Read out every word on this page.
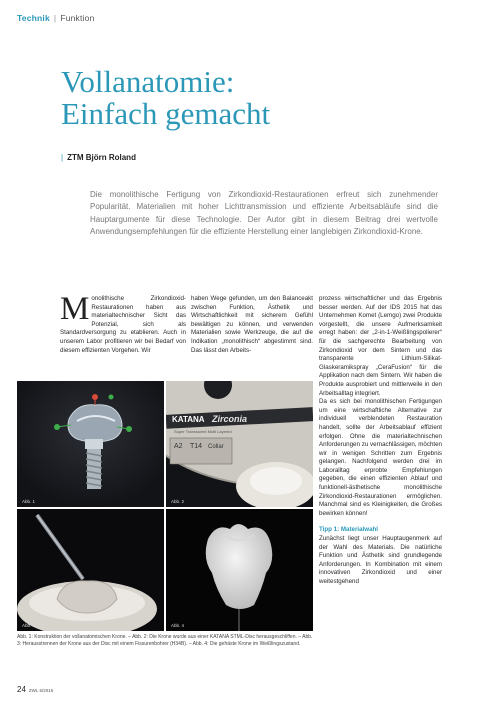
Technik | Funktion
Vollanatomie:
Einfach gemacht
| ZTM Björn Roland

Die monolithische Fertigung von Zirkondioxid-Restaurationen erfreut sich zunehmender Popularität. Materialien mit hoher Lichttransmission und effiziente Arbeitsabläufe sind die Hauptargumente für diese Technologie. Der Autor gibt in diesem Beitrag drei wertvolle Anwendungsempfehlungen für die effiziente Herstellung einer langlebigen Zirkondioxid-Krone.

Monolithische Zirkondioxid-Restaurationen haben aus materialtechnischer Sicht das Potenzial, sich als Standardversorgung zu etablieren. Auch in unserem Labor profitieren wir bei Bedarf von diesem effizienten Vorgehen. Wir

haben Wege gefunden, um den Balanceakt zwischen Funktion, Ästhetik und Wirtschaftlichkeit mit sicherem Gefühl bewältigen zu können, und verwenden Materialien sowie Werkzeuge, die auf die Indikation „monolithisch“ abgestimmt sind. Das lässt den Arbeits-

prozess wirtschaftlicher und das Ergebnis besser werden. Auf der IDS 2015 hat das Unternehmen Komet (Lemgo) zwei Produkte vorgestellt, die unsere Aufmerksamkeit erregt haben: der „2-in-1-Weißlingspolierer“ für die sachgerechte Bearbeitung von Zirkondioxid vor dem Sintern und das transparente Lithium-Silikat-Glaskeramikspray „CeraFusion“ für die Applikation nach dem Sintern. Wir haben die Produkte ausprobiert und mittlerweile in den Arbeitsalltag integriert.
Da es sich bei monolithischen Fertigungen um eine wirtschaftliche Alternative zur individuell verblendeten Restauration handelt, sollte der Arbeitsablauf effizient erfolgen. Ohne die materialtechnischen Anforderungen zu vernachlässigen, möchten wir in wenigen Schritten zum Ergebnis gelangen. Nachfolgend werden drei im Laboralltag erprobte Empfehlungen gegeben, die einen effizienten Ablauf und funktionell-ästhetische monolithische Zirkondioxid-Restaurationen ermöglichen. Manchmal sind es Kleinigkeiten, die Großes bewirken können!
Tipp 1: Materialwahl
Zunächst liegt unser Hauptaugenmerk auf der Wahl des Materials. Die natürliche Funktion und Ästhetik sind grundlegende Anforderungen. In Kombination mit einem innovativen Zirkondioxid und einer weitestgehend
Abb. 1
KATANA Zirconia
Super Translucent Multi Layered
A2 T14 Collar
Abb. 2
Abb. 3	Abb. 4

Abb. 1: Konstruktion der vollanatomischen Krone. – Abb. 2: Die Krone wurde aus einer KATANA STML-Disc herausgeschliffen. – Abb. 3: Herausstrennen der Krone aus der Disc mit einem Fissurenbohrer (H34B). – Abb. 4: Die gefräste Krone im Weißlingszustand.

24 ZWL 6/2015
